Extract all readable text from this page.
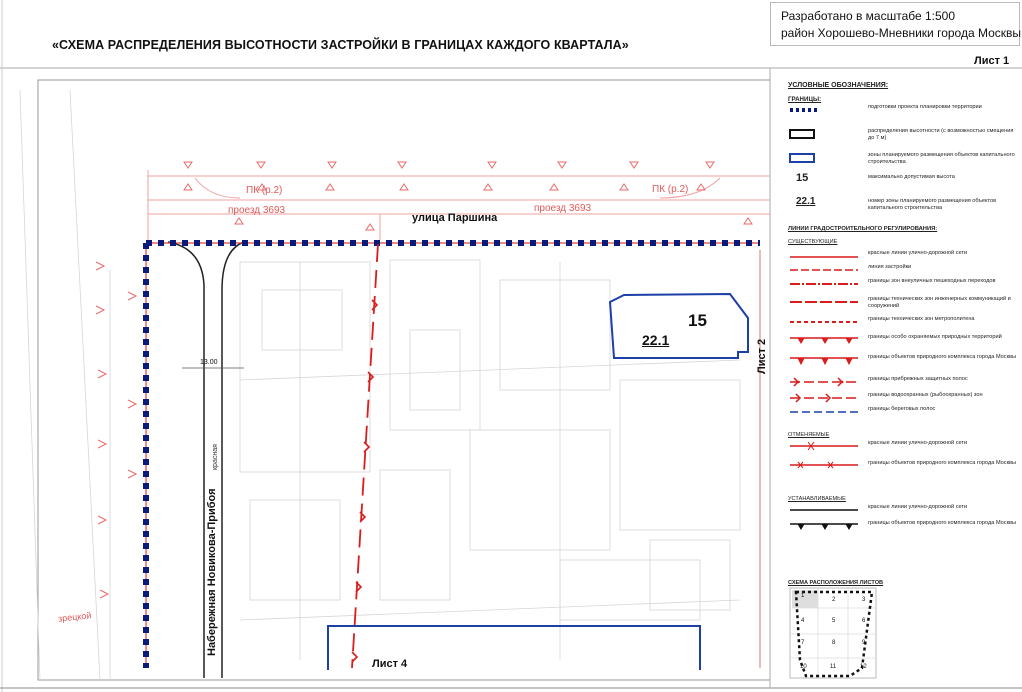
«СХЕМА РАСПРЕДЕЛЕНИЯ ВЫСОТНОСТИ ЗАСТРОЙКИ В ГРАНИЦАХ КАЖДОГО КВАРТАЛА»
Разработано в масштабе 1:500
район Хорошево-Мневники города Москвы
Лист 1
улица Паршина
проезд 3693	проезд 3693
ПК (р.2)	ПК (р.2)
Набережная Новикова-Прибоя
красная
13.00
зрецкой
15
22.1	Лист 2
Лист 4
УСЛОВНЫЕ ОБОЗНАЧЕНИЯ:
ГРАНИЦЫ:
подготовки проекта планировки территории
распределения высотности (с возможностью смещения до 7 м)
зоны планируемого размещения объектов капитального строительства
15	максимально допустимая высота
22.1	номер зоны планируемого размещения объектов капитального строительства
ЛИНИИ ГРАДОСТРОИТЕЛЬНОГО РЕГУЛИРОВАНИЯ:
СУЩЕСТВУЮЩИЕ
красные линии улично-дорожной сети
линия застройки
границы зон внеуличных пешеходных переходов
границы технических зон инженерных коммуникаций и сооружений
границы технических зон метрополитена
границы особо охраняемых природных территорий
границы объектов природного комплекса города Москвы
границы прибрежных защитных полос
границы водоохранных (рыбоохранных) зон
границы береговых полос
ОТМЕНЯЕМЫЕ
красные линии улично-дорожной сети
границы объектов природного комплекса города Москвы
УСТАНАВЛИВАЕМЫЕ
красные линии улично-дорожной сети
границы объектов природного комплекса города Москвы
СХЕМА РАСПОЛОЖЕНИЯ ЛИСТОВ
1
2	3
4	5	6
7	8	9
10	11	12
